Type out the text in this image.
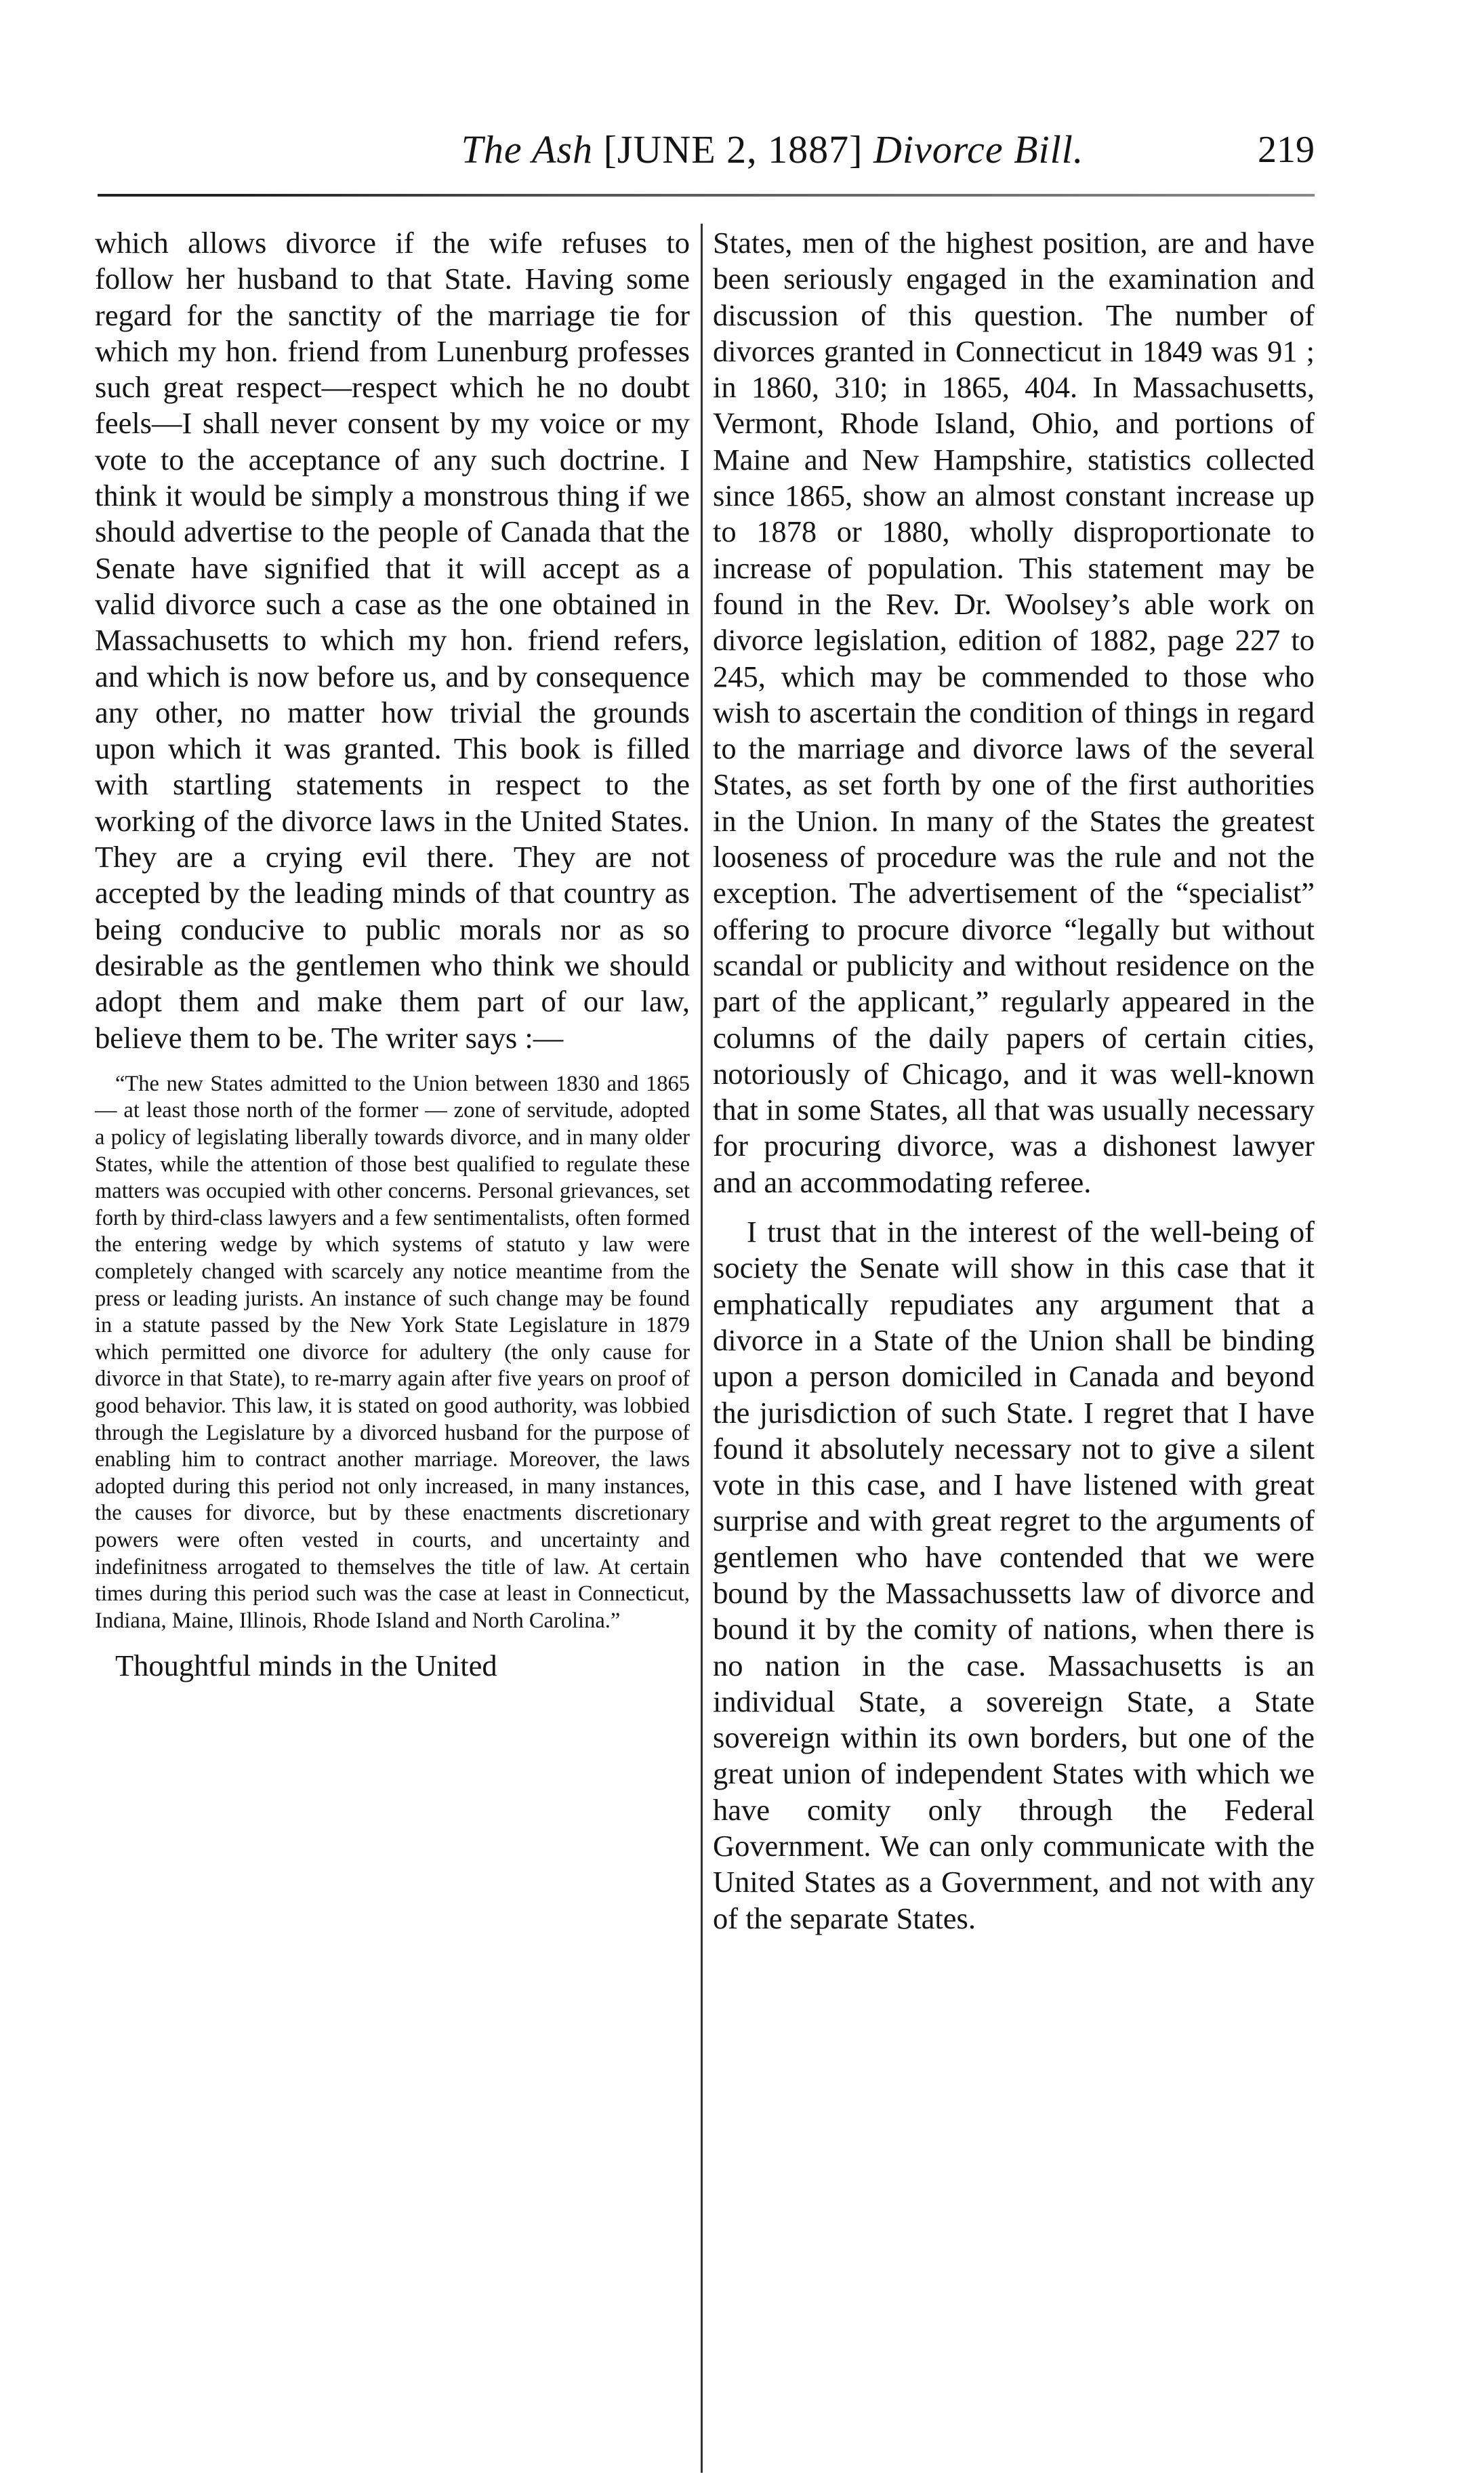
The Ash [JUNE 2, 1887] Divorce Bill.	219

which allows divorce if the wife refuses to follow her husband to that State. Having some regard for the sanctity of the marriage tie for which my hon. friend from Lunenburg professes such great respect—respect which he no doubt feels—I shall never consent by my voice or my vote to the acceptance of any such doctrine. I think it would be simply a monstrous thing if we should advertise to the people of Canada that the Senate have signified that it will accept as a valid divorce such a case as the one obtained in Massachusetts to which my hon. friend refers, and which is now before us, and by consequence any other, no matter how trivial the grounds upon which it was granted. This book is filled with startling statements in respect to the working of the divorce laws in the United States. They are a crying evil there. They are not accepted by the leading minds of that country as being conducive to public morals nor as so desirable as the gentlemen who think we should adopt them and make them part of our law, believe them to be. The writer says :—

“The new States admitted to the Union between 1830 and 1865 — at least those north of the former — zone of servitude, adopted a policy of legislating liberally towards divorce, and in many older States, while the attention of those best qualified to regulate these matters was occupied with other concerns. Personal grievances, set forth by third-class lawyers and a few sentimentalists, often formed the entering wedge by which systems of statuto y law were completely changed with scarcely any notice meantime from the press or leading jurists. An instance of such change may be found in a statute passed by the New York State Legislature in 1879 which permitted one divorce for adultery (the only cause for divorce in that State), to re-marry again after five years on proof of good behavior. This law, it is stated on good authority, was lobbied through the Legislature by a divorced husband for the purpose of enabling him to contract another marriage. Moreover, the laws adopted during this period not only increased, in many instances, the causes for divorce, but by these enactments discretionary powers were often vested in courts, and uncertainty and indefinitness arrogated to themselves the title of law. At certain times during this period such was the case at least in Connecticut, Indiana, Maine, Illinois, Rhode Island and North Carolina.”

Thoughtful minds in the United

States, men of the highest position, are and have been seriously engaged in the examination and discussion of this question. The number of divorces granted in Connecticut in 1849 was 91 ; in 1860, 310; in 1865, 404. In Massachusetts, Vermont, Rhode Island, Ohio, and portions of Maine and New Hampshire, statistics collected since 1865, show an almost constant increase up to 1878 or 1880, wholly disproportionate to increase of population. This statement may be found in the Rev. Dr. Woolsey’s able work on divorce legislation, edition of 1882, page 227 to 245, which may be commended to those who wish to ascertain the condition of things in regard to the marriage and divorce laws of the several States, as set forth by one of the first authorities in the Union. In many of the States the greatest looseness of procedure was the rule and not the exception. The advertisement of the “specialist” offering to procure divorce “legally but without scandal or publicity and without residence on the part of the applicant,” regularly appeared in the columns of the daily papers of certain cities, notoriously of Chicago, and it was well-known that in some States, all that was usually necessary for procuring divorce, was a dishonest lawyer and an accommodating referee.

I trust that in the interest of the well-being of society the Senate will show in this case that it emphatically repudiates any argument that a divorce in a State of the Union shall be binding upon a person domiciled in Canada and beyond the jurisdiction of such State. I regret that I have found it absolutely necessary not to give a silent vote in this case, and I have listened with great surprise and with great regret to the arguments of gentlemen who have contended that we were bound by the Massachussetts law of divorce and bound it by the comity of nations, when there is no nation in the case. Massachusetts is an individual State, a sovereign State, a State sovereign within its own borders, but one of the great union of independent States with which we have comity only through the Federal Government. We can only communicate with the United States as a Government, and not with any of the separate States.
